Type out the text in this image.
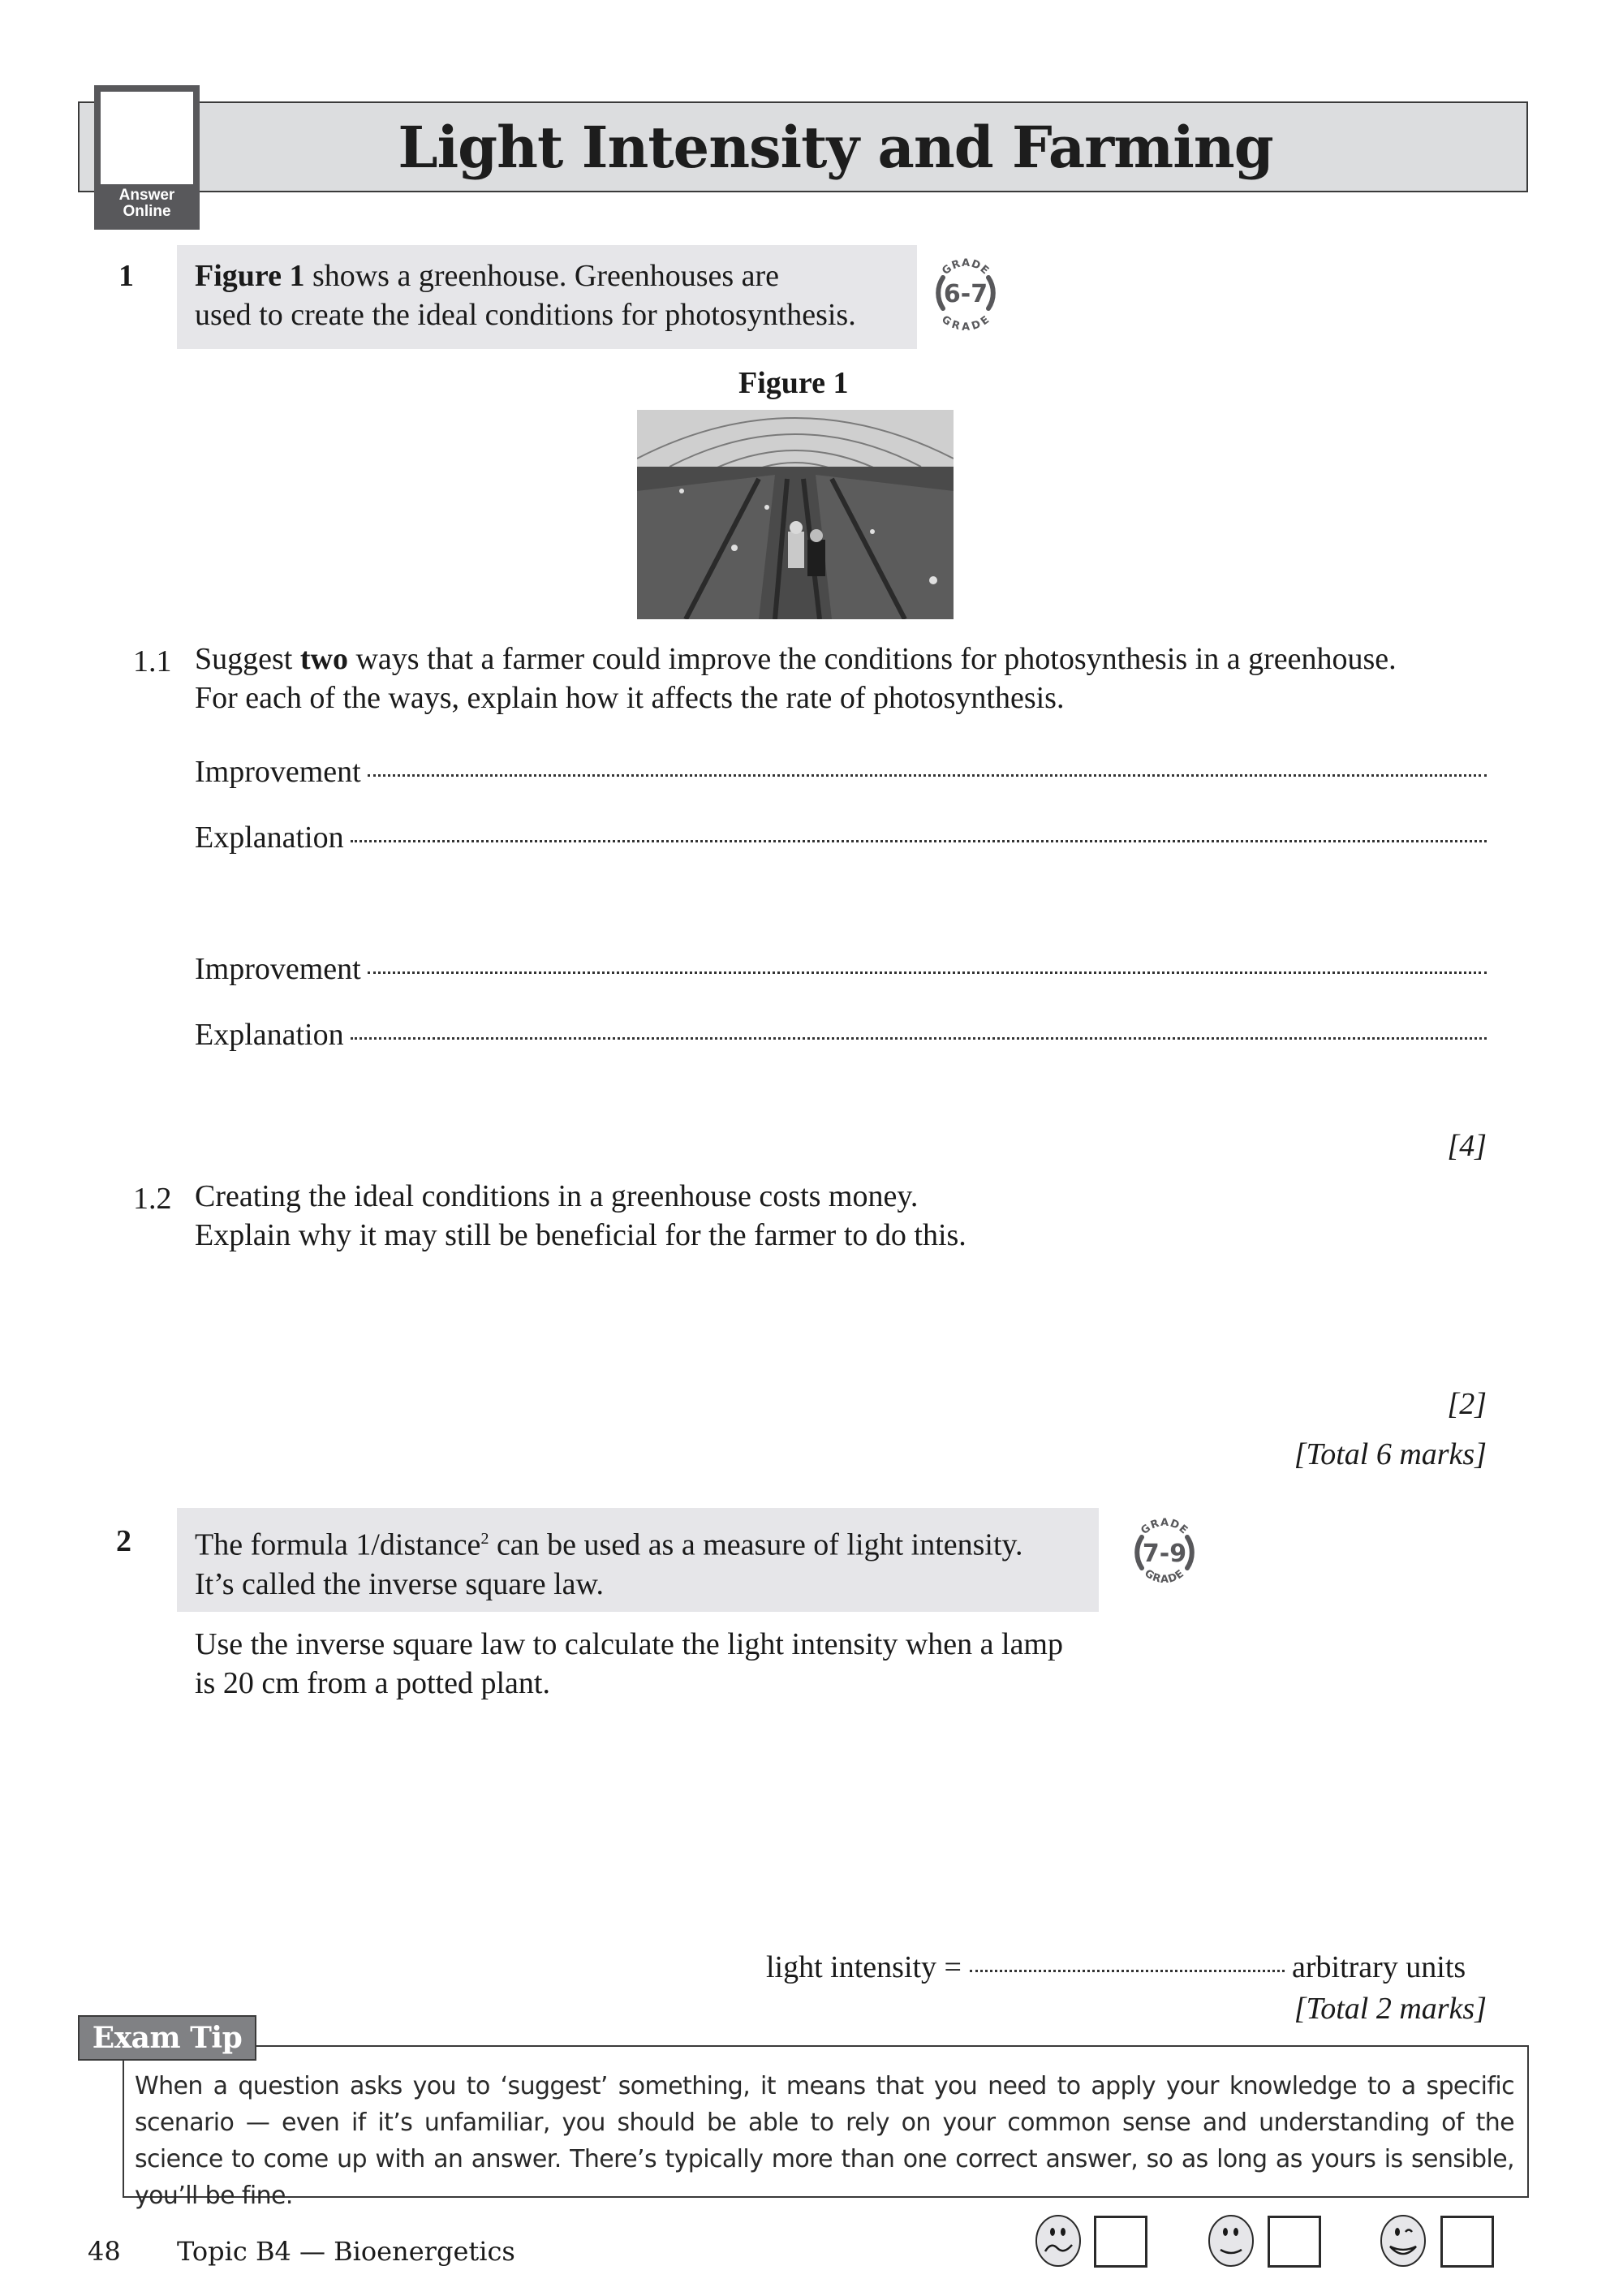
Light Intensity and Farming
Answer
Online
1 Figure 1 shows a greenhouse. Greenhouses are
used to create the ideal conditions for photosynthesis.
GRADE
6-7
GRADE
Figure 1
1.1 Suggest two ways that a farmer could improve the conditions for photosynthesis in a greenhouse.
For each of the ways, explain how it affects the rate of photosynthesis.
Improvement
Explanation
Improvement
Explanation
[4]
1.2 Creating the ideal conditions in a greenhouse costs money.
Explain why it may still be beneficial for the farmer to do this.
[2]
[Total 6 marks]
2 The formula 1/distance$^2$ can be used as a measure of light intensity.
It’s called the inverse square law.
GRADE
7-9
GRADE
Use the inverse square law to calculate the light intensity when a lamp
is 20 cm from a potted plant.
light intensity =	arbitrary units
[Total 2 marks]
Exam Tip
When a question asks you to ‘suggest’ something, it means that you need to apply your knowledge to a specific scenario — even if it’s unfamiliar, you should be able to rely on your common sense and understanding of the science to come up with an answer. There’s typically more than one correct answer, so as long as yours is sensible, you’ll be fine.
48 Topic B4 — Bioenergetics
